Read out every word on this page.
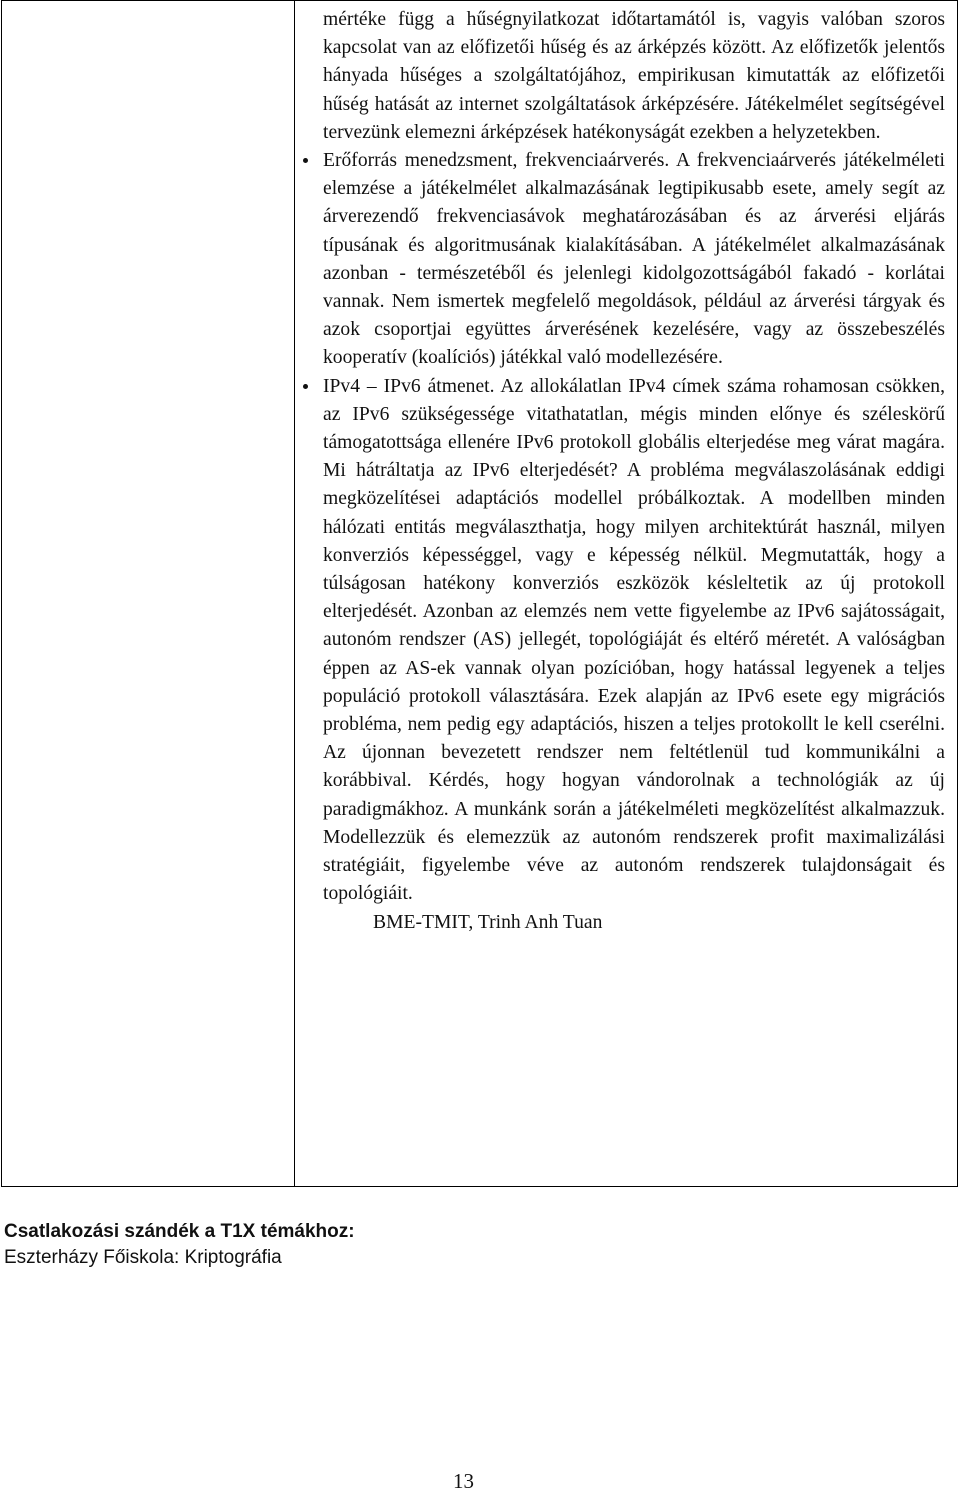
mértéke függ a hűségnyilatkozat időtartamától is, vagyis valóban szoros kapcsolat van az előfizetői hűség és az árképzés között. Az előfizetők jelentős hányada hűséges a szolgáltatójához, empirikusan kimutatták az előfizetői hűség hatását az internet szolgáltatások árképzésére. Játékelmélet segítségével tervezünk elemezni árképzések hatékonyságát ezekben a helyzetekben.

Erőforrás menedzsment, frekvenciaárverés. A frekvenciaárverés játékelméleti elemzése a játékelmélet alkalmazásának legtipikusabb esete, amely segít az árverezendő frekvenciasávok meghatározásában és az árverési eljárás típusának és algoritmusának kialakításában. A játékelmélet alkalmazásának azonban - természetéből és jelenlegi kidolgozottságából fakadó - korlátai vannak. Nem ismertek megfelelő megoldások, például az árverési tárgyak és azok csoportjai együttes árverésének kezelésére, vagy az összebeszélés kooperatív (koalíciós) játékkal való modellezésére.
IPv4 – IPv6 átmenet. Az allokálatlan IPv4 címek száma rohamosan csökken, az IPv6 szükségessége vitathatatlan, mégis minden előnye és széleskörű támogatottsága ellenére IPv6 protokoll globális elterjedése meg várat magára. Mi hátráltatja az IPv6 elterjedését? A probléma megválaszolásának eddigi megközelítései adaptációs modellel próbálkoztak. A modellben minden hálózati entitás megválaszthatja, hogy milyen architektúrát használ, milyen konverziós képességgel, vagy e képesség nélkül. Megmutatták, hogy a túlságosan hatékony konverziós eszközök késleltetik az új protokoll elterjedését. Azonban az elemzés nem vette figyelembe az IPv6 sajátosságait, autonóm rendszer (AS) jellegét, topológiáját és eltérő méretét. A valóságban éppen az AS-ek vannak olyan pozícióban, hogy hatással legyenek a teljes populáció protokoll választására. Ezek alapján az IPv6 esete egy migrációs probléma, nem pedig egy adaptációs, hiszen a teljes protokollt le kell cserélni. Az újonnan bevezetett rendszer nem feltétlenül tud kommunikálni a korábbival. Kérdés, hogy hogyan vándorolnak a technológiák az új paradigmákhoz. A munkánk során a játékelméleti megközelítést alkalmazzuk. Modellezzük és elemezzük az autonóm rendszerek profit maximalizálási stratégiáit, figyelembe véve az autonóm rendszerek tulajdonságait és topológiáit.

BME-TMIT, Trinh Anh Tuan

Csatlakozási szándék a T1X témákhoz:
Eszterházy Főiskola: Kriptográfia
13
